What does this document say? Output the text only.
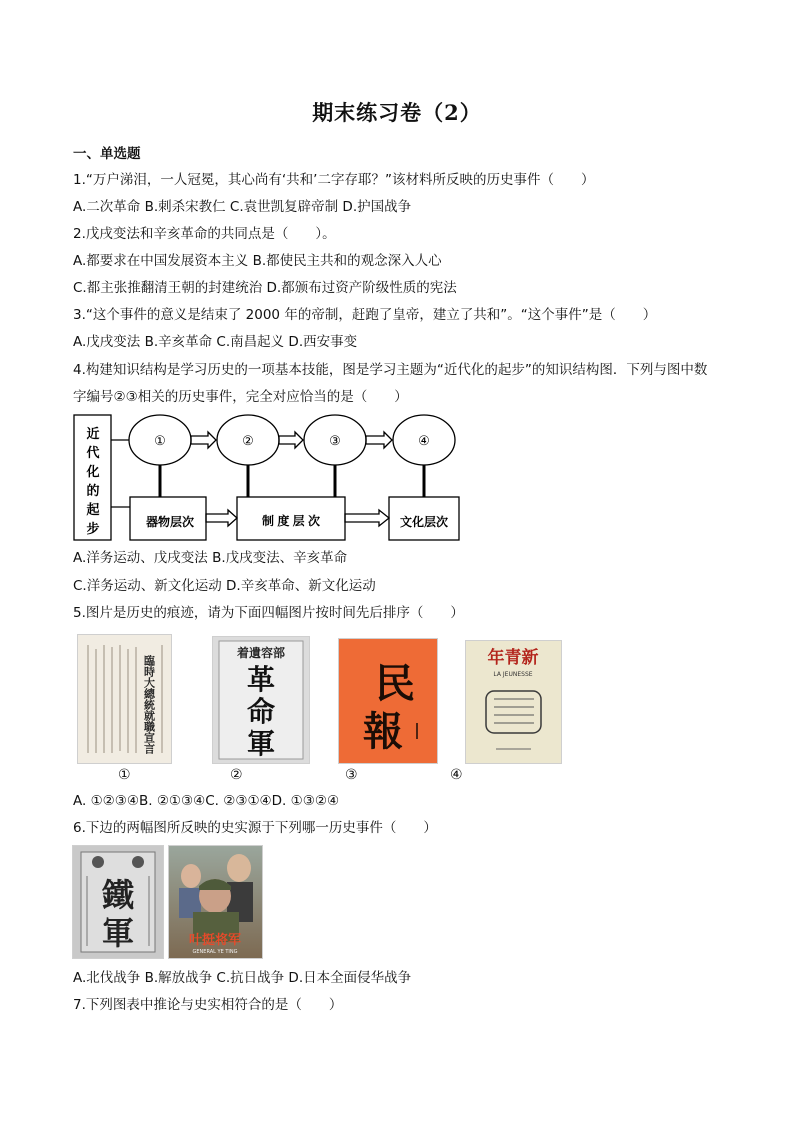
期末练习卷（2）
一、单选题
1.“万户涕泪，一人冠冕，其心尚有‘共和’二字存耶？”该材料所反映的历史事件（　　）
A.二次革命 B.刺杀宋教仁 C.袁世凯复辟帝制 D.护国战争
2.戊戌变法和辛亥革命的共同点是（　　）。
A.都要求在中国发展资本主义 B.都使民主共和的观念深入人心
C.都主张推翻清王朝的封建统治 D.都颁布过资产阶级性质的宪法
3.“这个事件的意义是结束了 2000 年的帝制，赶跑了皇帝，建立了共和”。“这个事件”是（　　）
A.戊戌变法 B.辛亥革命 C.南昌起义 D.西安事变
4.构建知识结构是学习历史的一项基本技能，图是学习主题为“近代化的起步”的知识结构图．下列与图中数
字编号②③相关的历史事件，完全对应恰当的是（　　）
近
代
化
的
起
步
①	②	③	④
器物层次	制 度 层 次	文化层次
A.洋务运动、戊戌变法 B.戊戌变法、辛亥革命
C.洋务运动、新文化运动 D.辛亥革命、新文化运动
5.图片是历史的痕迹，请为下面四幅图片按时间先后排序（　　）
臨時大總統就職宣言
着遺容部
革
命
軍
民
報
年青新
LA JEUNESSE
①	②	③	④
A. ①②③④B. ②①③④C. ②③①④D. ①③②④
6.下边的两幅图所反映的史实源于下列哪一历史事件（　　）
鐵
軍	叶挺将军
GENERAL YE TING
A.北伐战争 B.解放战争 C.抗日战争 D.日本全面侵华战争
7.下列图表中推论与史实相符合的是（　　）
